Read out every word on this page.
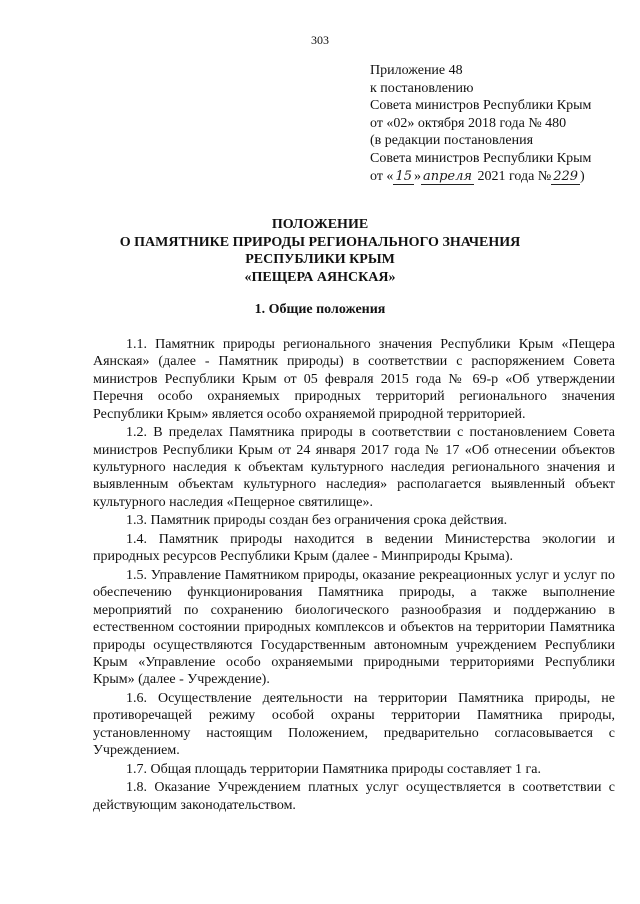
303
Приложение 48
к постановлению
Совета министров Республики Крым
от «02» октября 2018 года № 480
(в редакции постановления
Совета министров Республики Крым
от « 15 » апреля 2021 года № 229 )
ПОЛОЖЕНИЕ
О ПАМЯТНИКЕ ПРИРОДЫ РЕГИОНАЛЬНОГО ЗНАЧЕНИЯ
РЕСПУБЛИКИ КРЫМ
«ПЕЩЕРА АЯНСКАЯ»
1. Общие положения

1.1. Памятник природы регионального значения Республики Крым «Пещера Аянская» (далее - Памятник природы) в соответствии с распоряжением Совета министров Республики Крым от 05 февраля 2015 года № 69-р «Об утверждении Перечня особо охраняемых природных территорий регионального значения Республики Крым» является особо охраняемой природной территорией.

1.2. В пределах Памятника природы в соответствии с постановлением Совета министров Республики Крым от 24 января 2017 года № 17 «Об отнесении объектов культурного наследия к объектам культурного наследия регионального значения и выявленным объектам культурного наследия» располагается выявленный объект культурного наследия «Пещерное святилище».

1.3. Памятник природы создан без ограничения срока действия.

1.4. Памятник природы находится в ведении Министерства экологии и природных ресурсов Республики Крым (далее - Минприроды Крыма).

1.5. Управление Памятником природы, оказание рекреационных услуг и услуг по обеспечению функционирования Памятника природы, а также выполнение мероприятий по сохранению биологического разнообразия и поддержанию в естественном состоянии природных комплексов и объектов на территории Памятника природы осуществляются Государственным автономным учреждением Республики Крым «Управление особо охраняемыми природными территориями Республики Крым» (далее - Учреждение).

1.6. Осуществление деятельности на территории Памятника природы, не противоречащей режиму особой охраны территории Памятника природы, установленному настоящим Положением, предварительно согласовывается с Учреждением.

1.7. Общая площадь территории Памятника природы составляет 1 га.

1.8. Оказание Учреждением платных услуг осуществляется в соответствии с действующим законодательством.
